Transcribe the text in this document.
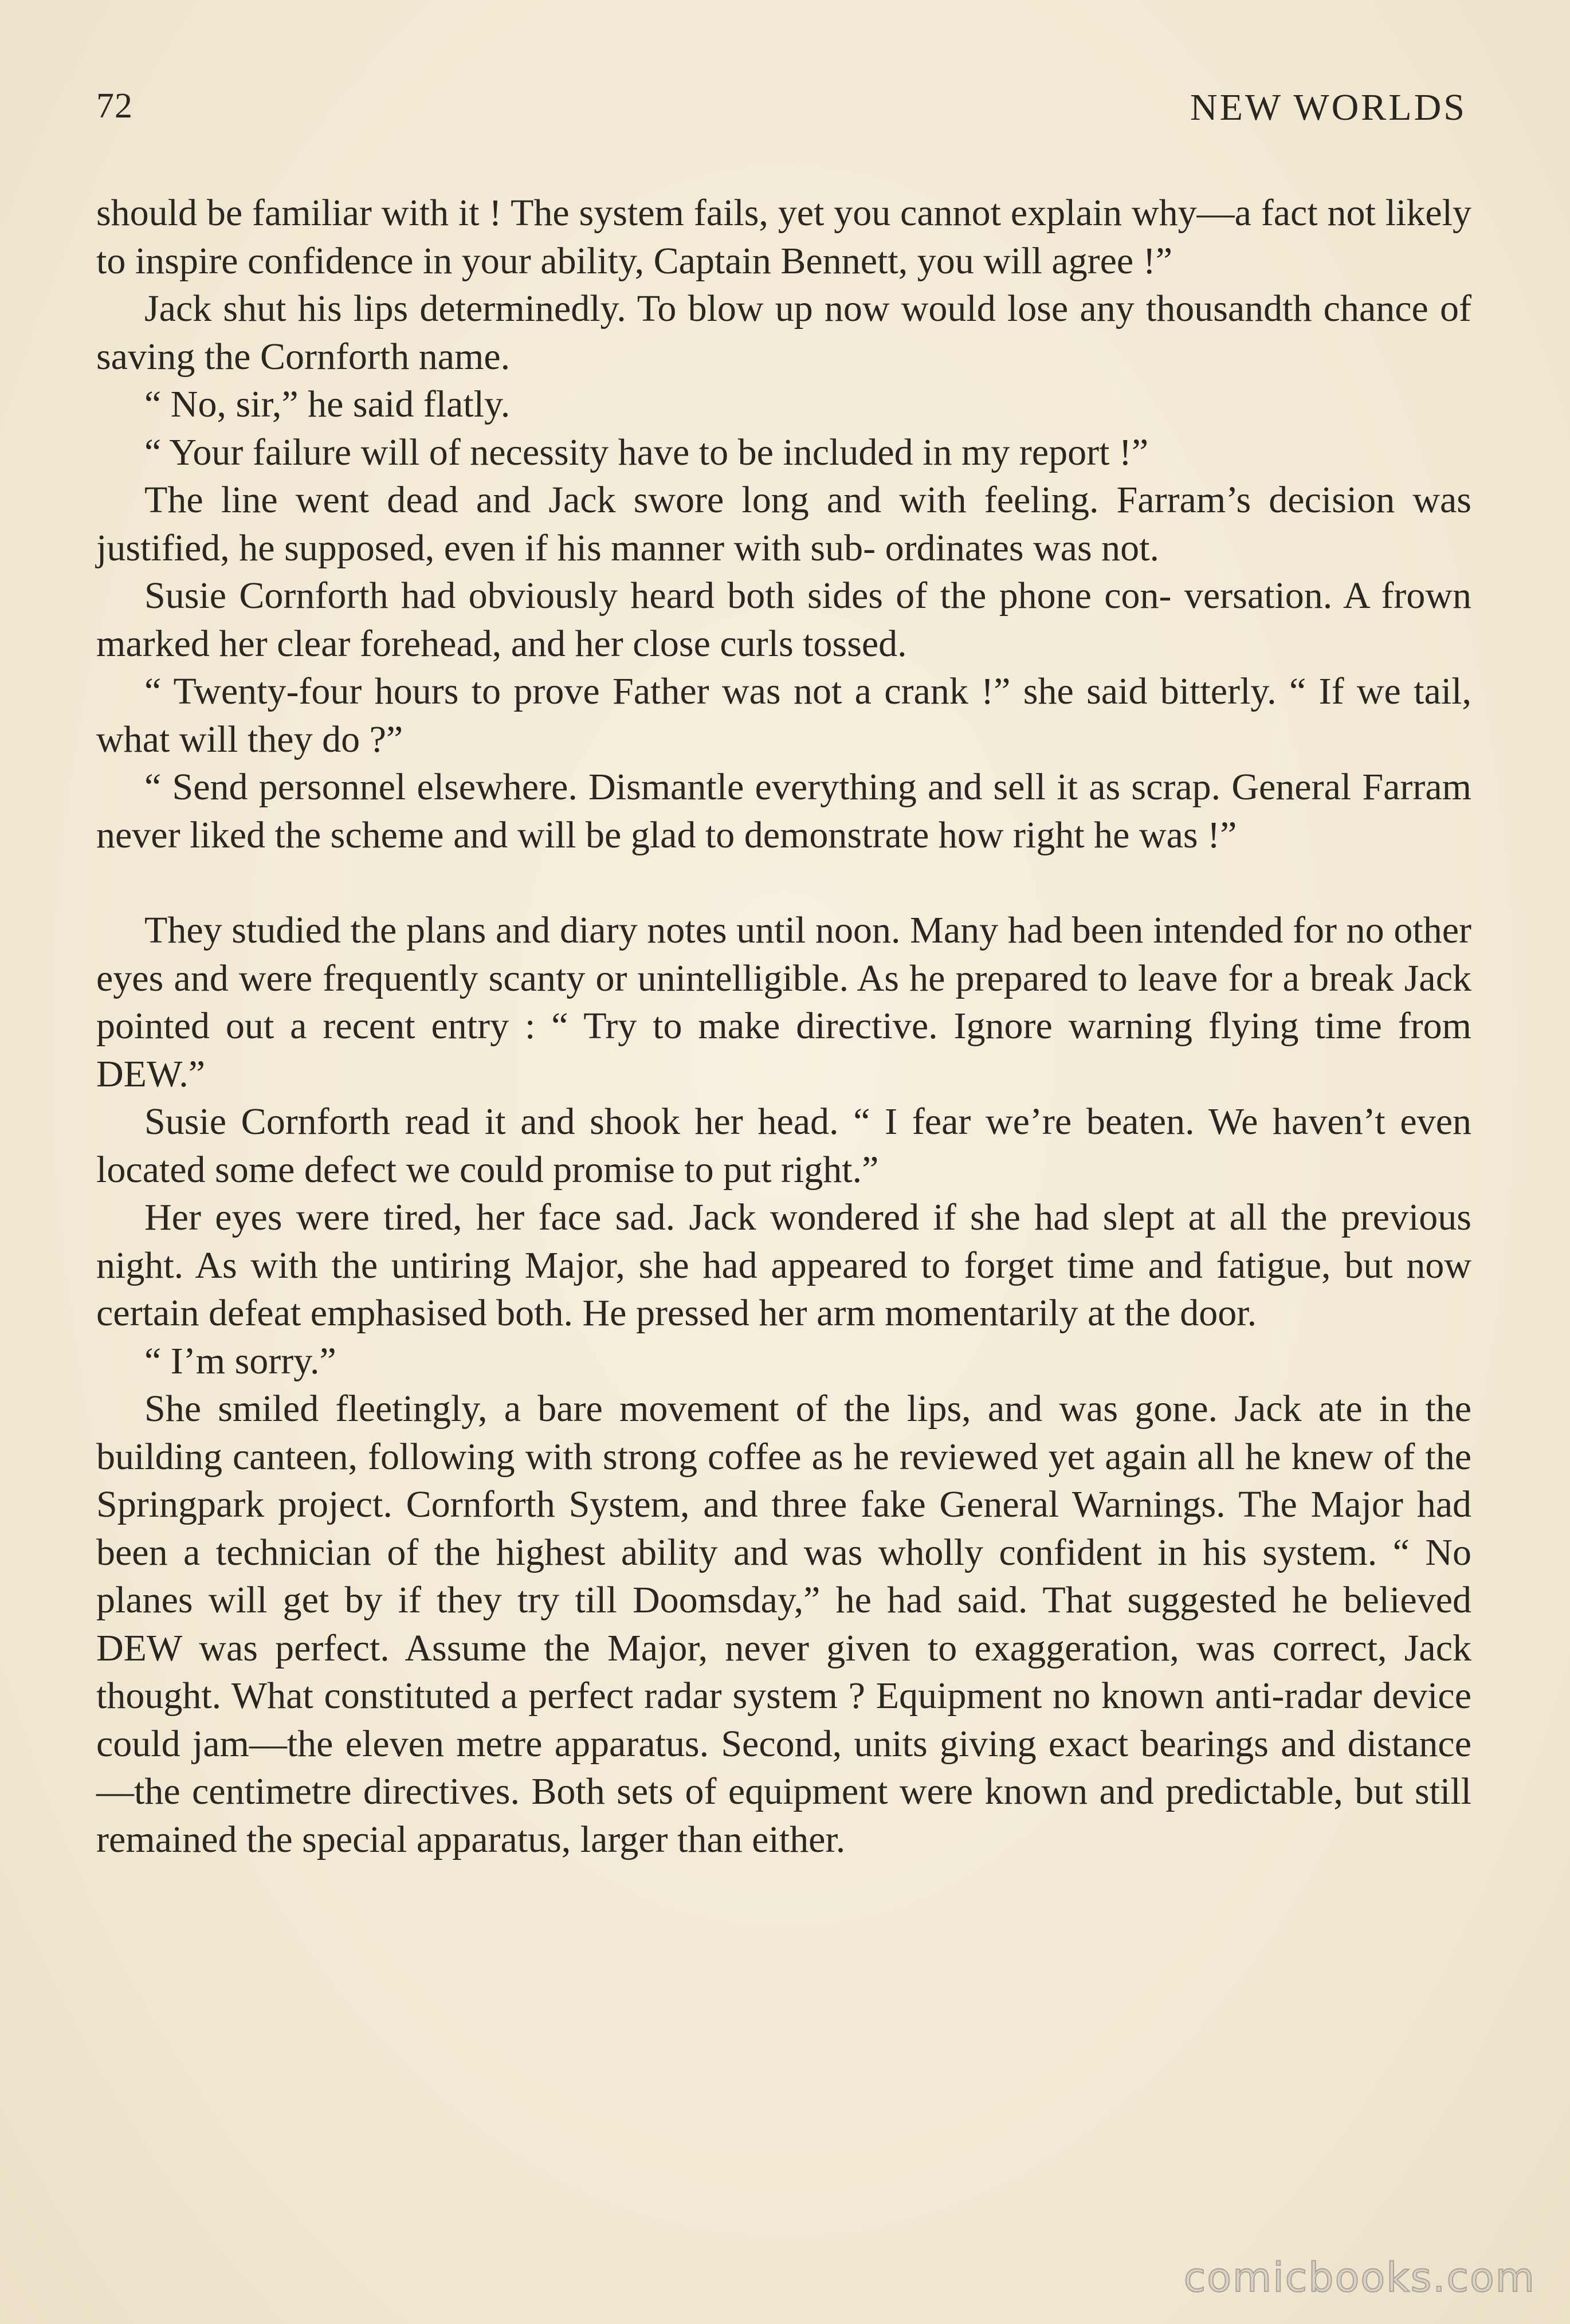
72	NEW WORLDS

should be familiar with it ! The system fails, yet you cannot explain why—a fact not likely to inspire confidence in your ability, Captain Bennett, you will agree !”

Jack shut his lips determinedly. To blow up now would lose any thousandth chance of saving the Cornforth name.

“ No, sir,” he said flatly.

“ Your failure will of necessity have to be included in my report !”

The line went dead and Jack swore long and with feeling. Farram’s decision was justified, he supposed, even if his manner with sub- ordinates was not.

Susie Cornforth had obviously heard both sides of the phone con- versation. A frown marked her clear forehead, and her close curls tossed.

“ Twenty-four hours to prove Father was not a crank !” she said bitterly. “ If we tail, what will they do ?”

“ Send personnel elsewhere. Dismantle everything and sell it as scrap. General Farram never liked the scheme and will be glad to demonstrate how right he was !”

They studied the plans and diary notes until noon. Many had been intended for no other eyes and were frequently scanty or unintelligible. As he prepared to leave for a break Jack pointed out a recent entry : “ Try to make directive. Ignore warning flying time from DEW.”

Susie Cornforth read it and shook her head. “ I fear we’re beaten. We haven’t even located some defect we could promise to put right.”

Her eyes were tired, her face sad. Jack wondered if she had slept at all the previous night. As with the untiring Major, she had appeared to forget time and fatigue, but now certain defeat emphasised both. He pressed her arm momentarily at the door.

“ I’m sorry.”

She smiled fleetingly, a bare movement of the lips, and was gone. Jack ate in the building canteen, following with strong coffee as he reviewed yet again all he knew of the Springpark project. Cornforth System, and three fake General Warnings. The Major had been a technician of the highest ability and was wholly confident in his system. “ No planes will get by if they try till Doomsday,” he had said. That suggested he believed DEW was perfect. Assume the Major, never given to exaggeration, was correct, Jack thought. What constituted a perfect radar system ? Equipment no known anti-radar device could jam—the eleven metre apparatus. Second, units giving exact bearings and distance—the centimetre directives. Both sets of equipment were known and predictable, but still remained the special apparatus, larger than either.

comicbooks.com
